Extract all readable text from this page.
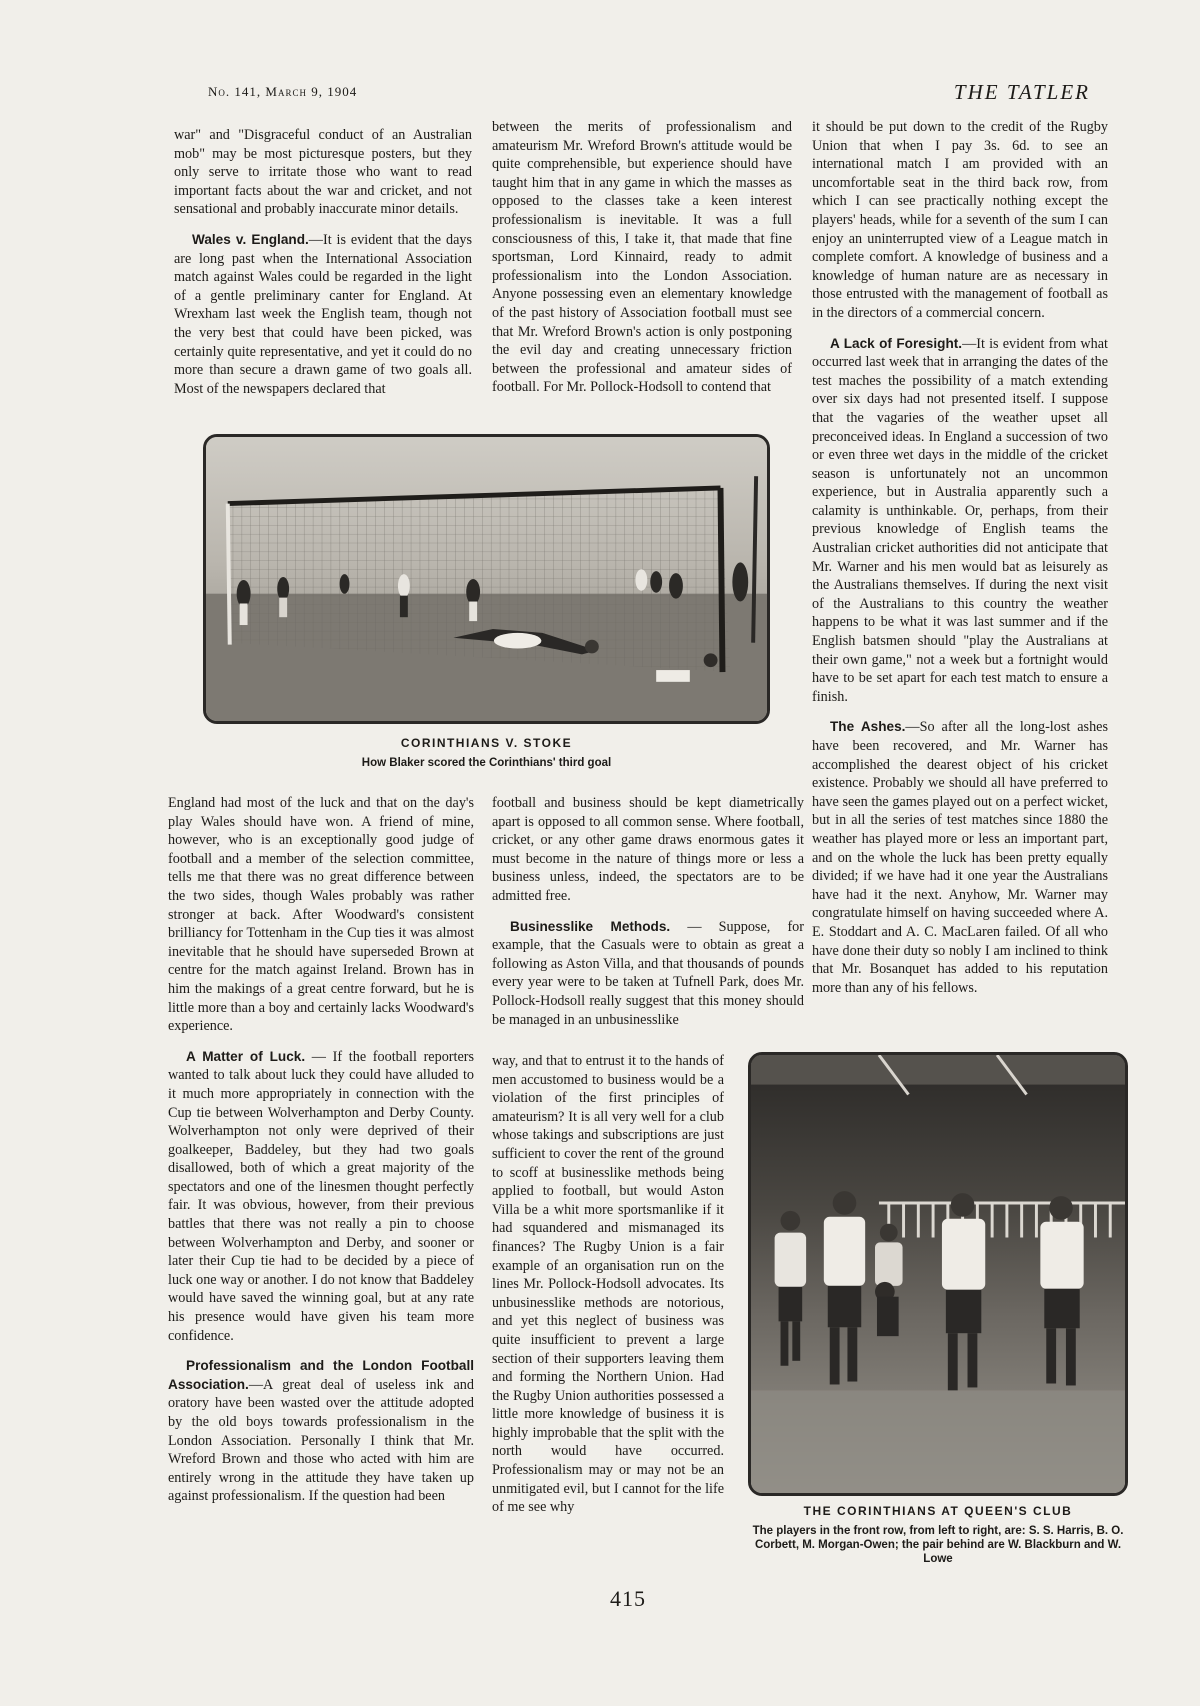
No. 141, March 9, 1904	THE TATLER

war" and "Disgraceful conduct of an Australian mob" may be most picturesque posters, but they only serve to irritate those who want to read important facts about the war and cricket, and not sensational and probably inaccurate minor details.

Wales v. England.—It is evident that the days are long past when the International Association match against Wales could be regarded in the light of a gentle preliminary canter for England. At Wrexham last week the English team, though not the very best that could have been picked, was certainly quite representative, and yet it could do no more than secure a drawn game of two goals all. Most of the newspapers declared that

between the merits of professionalism and amateurism Mr. Wreford Brown's attitude would be quite comprehensible, but experience should have taught him that in any game in which the masses as opposed to the classes take a keen interest professionalism is inevitable. It was a full consciousness of this, I take it, that made that fine sportsman, Lord Kinnaird, ready to admit professionalism into the London Association. Anyone possessing even an elementary knowledge of the past history of Association football must see that Mr. Wreford Brown's action is only postponing the evil day and creating unnecessary friction between the professional and amateur sides of football. For Mr. Pollock-Hodsoll to contend that

it should be put down to the credit of the Rugby Union that when I pay 3s. 6d. to see an international match I am provided with an uncomfortable seat in the third back row, from which I can see practically nothing except the players' heads, while for a seventh of the sum I can enjoy an uninterrupted view of a League match in complete comfort. A knowledge of business and a knowledge of human nature are as necessary in those entrusted with the management of football as in the directors of a commercial concern.

A Lack of Foresight.—It is evident from what occurred last week that in arranging the dates of the test maches the possibility of a match extending over six days had not presented itself. I suppose that the vagaries of the weather upset all preconceived ideas. In England a succession of two or even three wet days in the middle of the cricket season is unfortunately not an uncommon experience, but in Australia apparently such a calamity is unthinkable. Or, perhaps, from their previous knowledge of English teams the Australian cricket authorities did not anticipate that Mr. Warner and his men would bat as leisurely as the Australians themselves. If during the next visit of the Australians to this country the weather happens to be what it was last summer and if the English batsmen should "play the Australians at their own game," not a week but a fortnight would have to be set apart for each test match to ensure a finish.

The Ashes.—So after all the long-lost ashes have been recovered, and Mr. Warner has accomplished the dearest object of his cricket existence. Probably we should all have preferred to have seen the games played out on a perfect wicket, but in all the series of test matches since 1880 the weather has played more or less an important part, and on the whole the luck has been pretty equally divided; if we have had it one year the Australians have had it the next. Anyhow, Mr. Warner may congratulate himself on having succeeded where A. E. Stoddart and A. C. MacLaren failed. Of all who have done their duty so nobly I am inclined to think that Mr. Bosanquet has added to his reputation more than any of his fellows.

CORINTHIANS V. STOKE
How Blaker scored the Corinthians' third goal

England had most of the luck and that on the day's play Wales should have won. A friend of mine, however, who is an exceptionally good judge of football and a member of the selection committee, tells me that there was no great difference between the two sides, though Wales probably was rather stronger at back. After Woodward's consistent brilliancy for Tottenham in the Cup ties it was almost inevitable that he should have superseded Brown at centre for the match against Ireland. Brown has in him the makings of a great centre forward, but he is little more than a boy and certainly lacks Woodward's experience.

A Matter of Luck. — If the football reporters wanted to talk about luck they could have alluded to it much more appropriately in connection with the Cup tie between Wolverhampton and Derby County. Wolverhampton not only were deprived of their goalkeeper, Baddeley, but they had two goals disallowed, both of which a great majority of the spectators and one of the linesmen thought perfectly fair. It was obvious, however, from their previous battles that there was not really a pin to choose between Wolverhampton and Derby, and sooner or later their Cup tie had to be decided by a piece of luck one way or another. I do not know that Baddeley would have saved the winning goal, but at any rate his presence would have given his team more confidence.

Professionalism and the London Football Association.—A great deal of useless ink and oratory have been wasted over the attitude adopted by the old boys towards professionalism in the London Association. Personally I think that Mr. Wreford Brown and those who acted with him are entirely wrong in the attitude they have taken up against professionalism. If the question had been

football and business should be kept diametrically apart is opposed to all common sense. Where football, cricket, or any other game draws enormous gates it must become in the nature of things more or less a business unless, indeed, the spectators are to be admitted free.

Businesslike Methods. — Suppose, for example, that the Casuals were to obtain as great a following as Aston Villa, and that thousands of pounds every year were to be taken at Tufnell Park, does Mr. Pollock-Hodsoll really suggest that this money should be managed in an unbusinesslike

way, and that to entrust it to the hands of men accustomed to business would be a violation of the first principles of amateurism? It is all very well for a club whose takings and subscriptions are just sufficient to cover the rent of the ground to scoff at businesslike methods being applied to football, but would Aston Villa be a whit more sportsmanlike if it had squandered and mismanaged its finances? The Rugby Union is a fair example of an organisation run on the lines Mr. Pollock-Hodsoll advocates. Its unbusinesslike methods are notorious, and yet this neglect of business was quite insufficient to prevent a large section of their supporters leaving them and forming the Northern Union. Had the Rugby Union authorities possessed a little more knowledge of business it is highly improbable that the split with the north would have occurred. Professionalism may or may not be an unmitigated evil, but I cannot for the life of me see why	THE CORINTHIANS AT QUEEN'S CLUB
The players in the front row, from left to right, are: S. S. Harris, B. O. Corbett, M. Morgan-Owen; the pair behind are W. Blackburn and W. Lowe
415
